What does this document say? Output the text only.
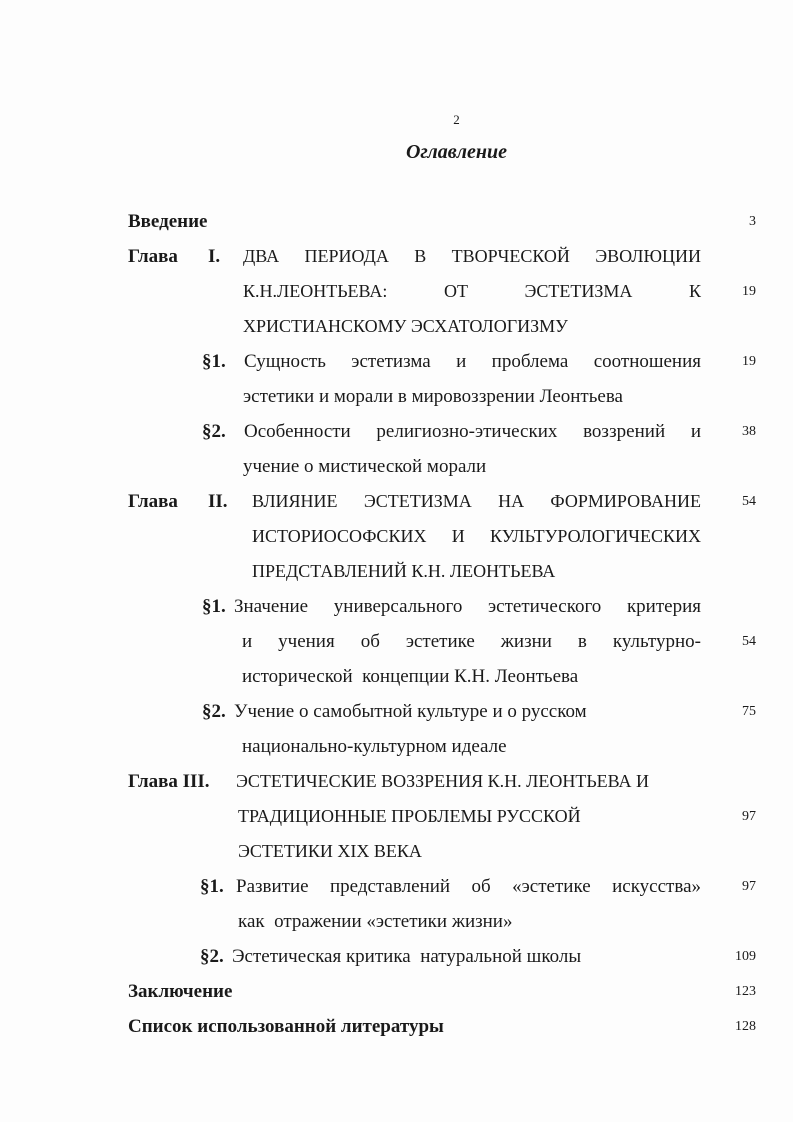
2
Оглавление
Введение	3
Глава I. ДВА ПЕРИОДА В ТВОРЧЕСКОЙ ЭВОЛЮЦИИ
К.Н.ЛЕОНТЬЕВА:	ОТ	ЭСТЕТИЗМА	К	19
ХРИСТИАНСКОМУ ЭСХАТОЛОГИЗМУ
§1. Сущность эстетизма и проблема соотношения	19
эстетики и морали в мировоззрении Леонтьева
§2. Особенности религиозно-этических воззрений и	38
учение о мистической морали
Глава II. ВЛИЯНИЕ ЭСТЕТИЗМА НА ФОРМИРОВАНИЕ	54
ИСТОРИОСОФСКИХ И КУЛЬТУРОЛОГИЧЕСКИХ
ПРЕДСТАВЛЕНИЙ К.Н. ЛЕОНТЬЕВА
§1. Значение универсального эстетического критерия
и учения об эстетике жизни в культурно-	54
исторической  концепции К.Н. Леонтьева
§2. Учение о самобытной культуре и о русском	75
национально-культурном идеале
Глава III. ЭСТЕТИЧЕСКИЕ ВОЗЗРЕНИЯ К.Н. ЛЕОНТЬЕВА И
ТРАДИЦИОННЫЕ ПРОБЛЕМЫ РУССКОЙ	97
ЭСТЕТИКИ XIX ВЕКА
§1. Развитие представлений об «эстетике искусства»	97
как  отражении «эстетики жизни»
§2. Эстетическая критика  натуральной школы	109
Заключение	123
Список использованной литературы	128
